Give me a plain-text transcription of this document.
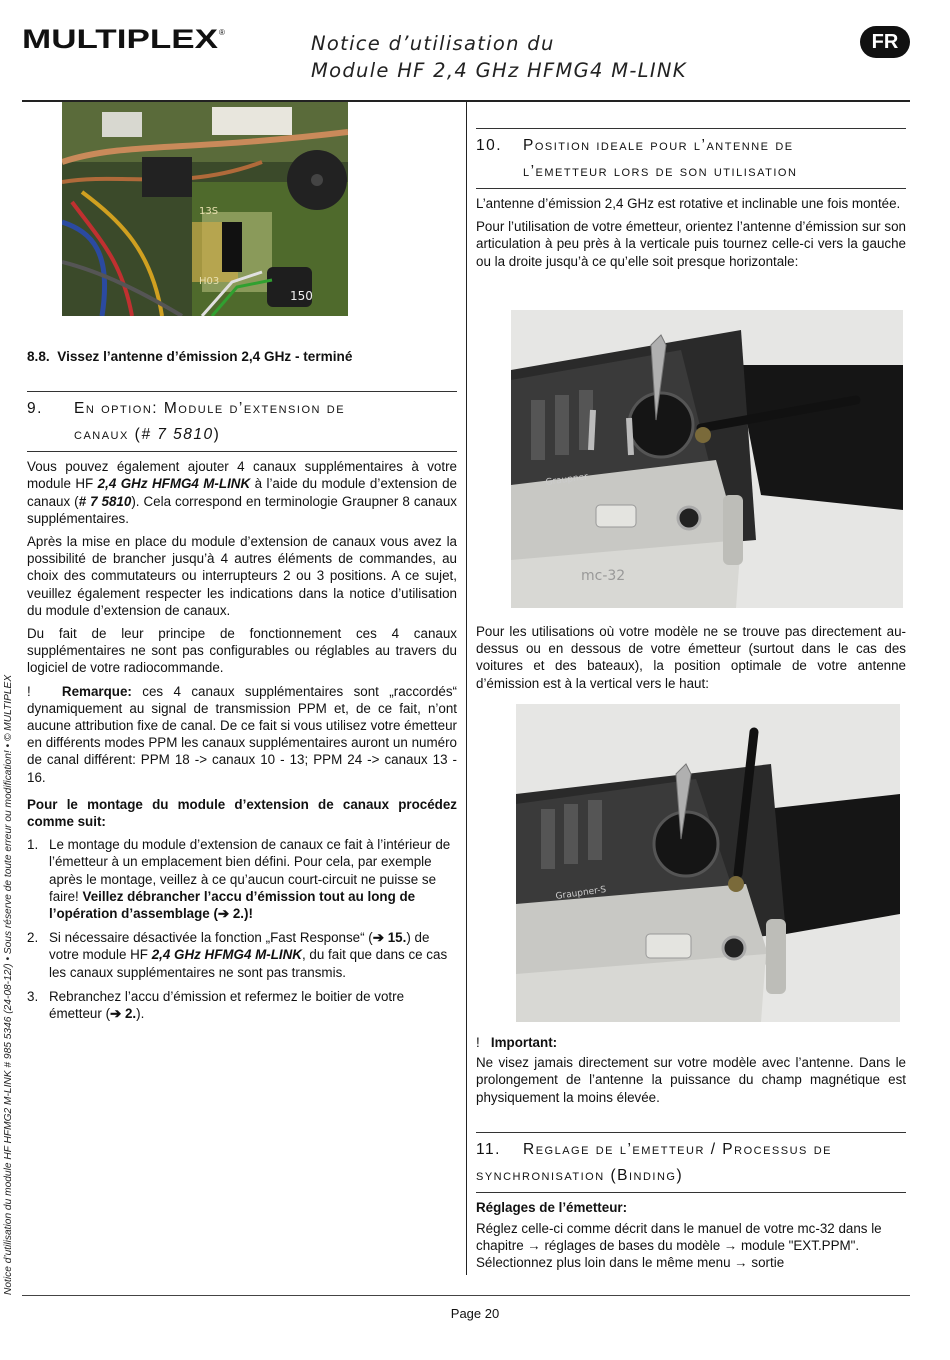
MULTIPLEX ®	Notice d’utilisation du
Module HF 2,4 GHz HFMG4 M-LINK
FR
Notice d’utilisation du module HF HFMG2 M-LINK # 985 5346 (24-08-12/) • Sous réserve de toute erreur ou modification! • © MULTIPLEX
13S
H03
150
8.8. Vissez l’antenne d’émission 2,4 GHz - terminé
9. En option: Module d’extension de
canaux (# 7 5810)

Vous pouvez également ajouter 4 canaux supplémentaires à votre module HF 2,4 GHz HFMG4 M-LINK à l’aide du module d’extension de canaux (# 7 5810). Cela correspond en terminologie Graupner 8 canaux supplémentaires.

Après la mise en place du module d’extension de canaux vous avez la possibilité de brancher jusqu’à 4 autres éléments de commandes, au choix des commutateurs ou interrupteurs 2 ou 3 positions. A ce sujet, veuillez également respecter les indications dans la notice d’utilisation du module d’extension de canaux.

Du fait de leur principe de fonctionnement ces 4 canaux supplémentaires ne sont pas configurables ou réglables au travers du logiciel de votre radiocommande.

! Remarque: ces 4 canaux supplémentaires sont „raccordés“ dynamiquement au signal de transmission PPM et, de ce fait, n’ont aucune attribution fixe de canal. De ce fait si vous utilisez votre émetteur en différents modes PPM les canaux supplémentaires auront un numéro de canal différent: PPM 18 -> canaux 10 - 13; PPM 24 -> canaux 13 - 16.

Pour le montage du module d’extension de canaux procédez comme suit:

1. Le montage du module d’extension de canaux ce fait à l’intérieur de l’émetteur à un emplacement bien défini. Pour cela, par exemple après le montage, veillez à ce qu’aucun court-circuit ne puisse se faire! Veillez débrancher l’accu d’émission tout au long de l’opération d’assemblage (➔ 2.)!
2. Si nécessaire désactivée la fonction „Fast Response“ (➔ 15.) de votre module HF 2,4 GHz HFMG4 M-LINK, du fait que dans ce cas les canaux supplémentaires ne sont pas transmis.
3. Rebranchez l’accu d’émission et refermez le boitier de votre émetteur (➔ 2.).
10. Position ideale pour l’antenne de
l’emetteur lors de son utilisation

L’antenne d’émission 2,4 GHz est rotative et inclinable une fois montée.

Pour l’utilisation de votre émetteur, orientez l’antenne d’émission sur son articulation à peu près à la verticale puis tournez celle-ci vers la gauche ou la droite jusqu’à ce qu’elle soit presque horizontale:

Graupner
mc-32

Pour les utilisations où votre modèle ne se trouve pas directement au-dessus ou en dessous de votre émetteur (surtout dans le cas des voitures et des bateaux), la position optimale de votre antenne d’émission est à la vertical vers le haut:

Graupner-S

! Important:

Ne visez jamais directement sur votre modèle avec l’antenne. Dans le prolongement de l’antenne la puissance du champ magnétique est physiquement la moins élevée.

11. Reglage de l’emetteur / Processus de
synchronisation (Binding)

Réglages de l’émetteur:

Réglez celle-ci comme décrit dans le manuel de votre mc-32 dans le chapitre → réglages de bases du modèle → module "EXT.PPM". Sélectionnez plus loin dans le même menu → sortie

Page 20
